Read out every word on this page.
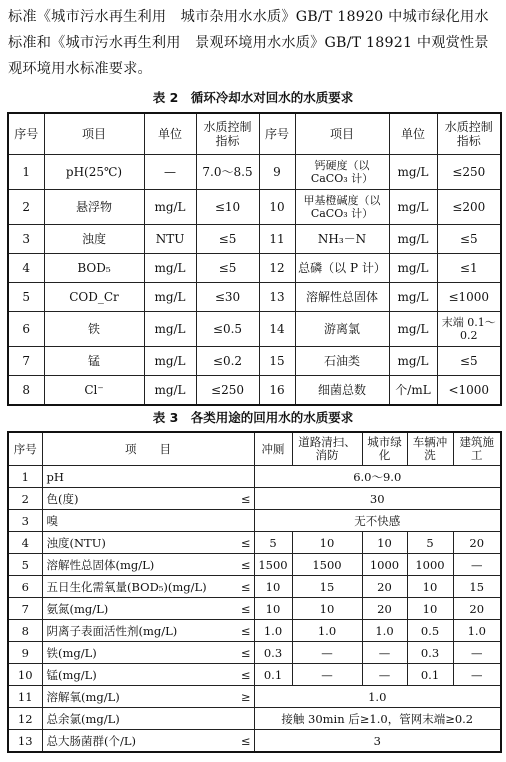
标准《城市污水再生利用　城市杂用水水质》GB/T 18920 中城市绿化用水标准和《城市污水再生利用　景观环境用水水质》GB/T 18921 中观赏性景观环境用水标准要求。
表 2　循环冷却水对回水的水质要求
序号	项目	单位	水质控制指标	序号	项目	单位	水质控制指标
1	pH(25℃)	—	7.0～8.5	9	钙硬度（以 CaCO₃ 计）	mg/L	≤250
2	悬浮物	mg/L	≤10	10	甲基橙碱度（以 CaCO₃ 计）	mg/L	≤200
3	浊度	NTU	≤5	11	NH₃－N	mg/L	≤5
4	BOD₅	mg/L	≤5	12	总磷（以 P 计）	mg/L	≤1
5	COD_Cr	mg/L	≤30	13	溶解性总固体	mg/L	≤1000
6	铁	mg/L	≤0.5	14	游离氯	mg/L	末端 0.1～0.2
7	锰	mg/L	≤0.2	15	石油类	mg/L	≤5
8	Cl⁻	mg/L	≤250	16	细菌总数	个/mL	<1000
表 3　各类用途的回用水的水质要求
序号	项　　目		冲厕	道路清扫、消防	城市绿化	车辆冲洗	建筑施工
1	pH		6.0～9.0				
2	色(度)	≤	30				
3	嗅		无不快感				
4	浊度(NTU)	≤	5	10	10	5	20
5	溶解性总固体(mg/L)	≤	1500	1500	1000	1000	—
6	五日生化需氧量(BOD₅)(mg/L)	≤	10	15	20	10	15
7	氨氮(mg/L)	≤	10	10	20	10	20
8	阴离子表面活性剂(mg/L)	≤	1.0	1.0	1.0	0.5	1.0
9	铁(mg/L)	≤	0.3	—	—	0.3	—
10	锰(mg/L)	≤	0.1	—	—	0.1	—
11	溶解氧(mg/L)	≥	1.0				
12	总余氯(mg/L)		接触 30min 后≥1.0，管网末端≥0.2				
13	总大肠菌群(个/L)	≤	3				
